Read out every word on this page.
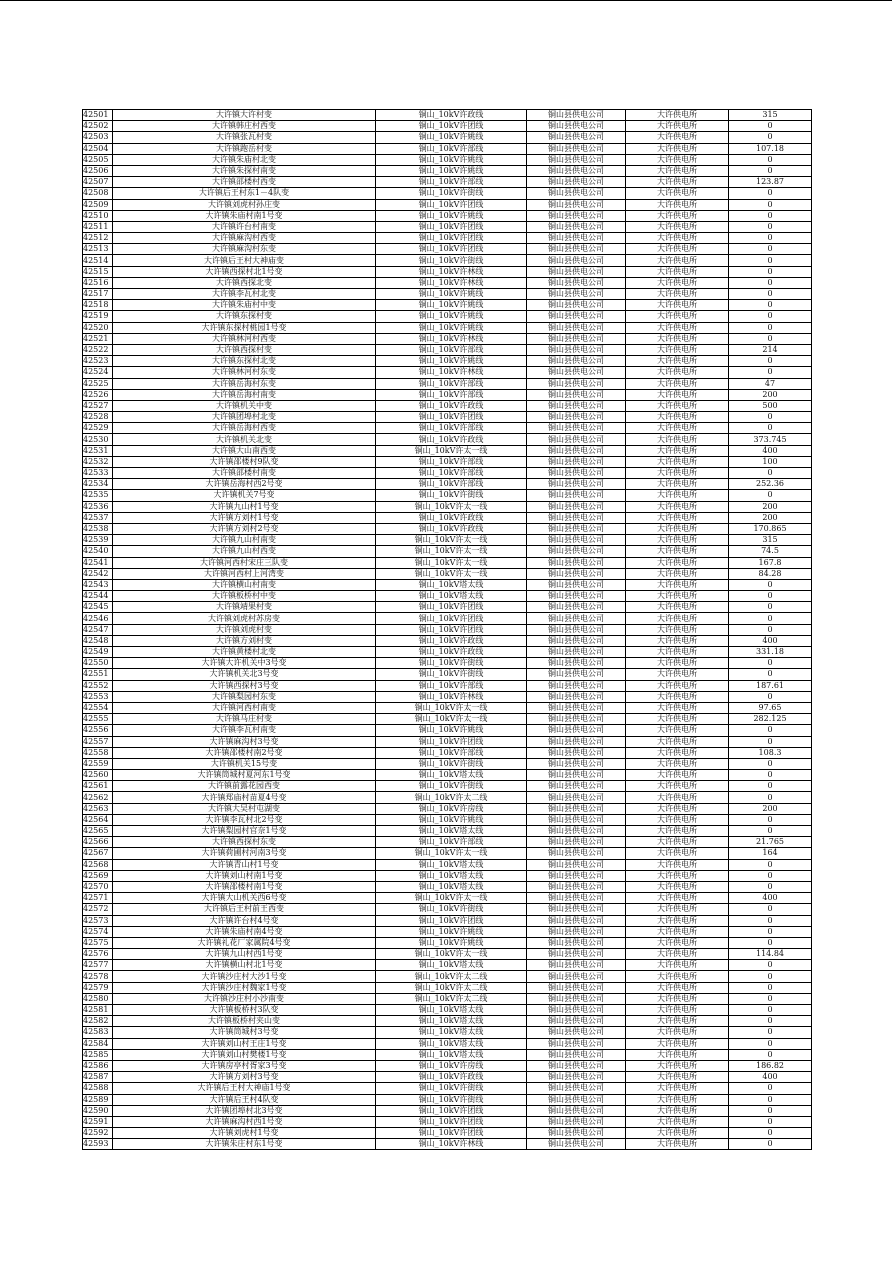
42501	大许镇大许村变	铜山_10kV许政线	铜山县供电公司	大许供电所	315
42502	大许镇韩庄村西变	铜山_10kV许团线	铜山县供电公司	大许供电所	0
42503	大许镇张瓦村变	铜山_10kV许姚线	铜山县供电公司	大许供电所	0
42504	大许镇跑岳村变	铜山_10kV许部线	铜山县供电公司	大许供电所	107.18
42505	大许镇朱庙村北变	铜山_10kV许姚线	铜山县供电公司	大许供电所	0
42506	大许镇朱探村南变	铜山_10kV许姚线	铜山县供电公司	大许供电所	0
42507	大许镇邵楼村西变	铜山_10kV许部线	铜山县供电公司	大许供电所	123.87
42508	大许镇后王村东1－4队变	铜山_10kV许街线	铜山县供电公司	大许供电所	0
42509	大许镇刘虎村孙庄变	铜山_10kV许团线	铜山县供电公司	大许供电所	0
42510	大许镇朱庙村南1号变	铜山_10kV许姚线	铜山县供电公司	大许供电所	0
42511	大许镇许台村南变	铜山_10kV许团线	铜山县供电公司	大许供电所	0
42512	大许镇麻沟村西变	铜山_10kV许团线	铜山县供电公司	大许供电所	0
42513	大许镇麻沟村东变	铜山_10kV许团线	铜山县供电公司	大许供电所	0
42514	大许镇后王村大神庙变	铜山_10kV许街线	铜山县供电公司	大许供电所	0
42515	大许镇西探村北1号变	铜山_10kV许林线	铜山县供电公司	大许供电所	0
42516	大许镇西探北变	铜山_10kV许林线	铜山县供电公司	大许供电所	0
42517	大许镇李瓦村北变	铜山_10kV许姚线	铜山县供电公司	大许供电所	0
42518	大许镇朱庙村中变	铜山_10kV许姚线	铜山县供电公司	大许供电所	0
42519	大许镇东探村变	铜山_10kV许姚线	铜山县供电公司	大许供电所	0
42520	大许镇东探村桃园1号变	铜山_10kV许姚线	铜山县供电公司	大许供电所	0
42521	大许镇林河村西变	铜山_10kV许林线	铜山县供电公司	大许供电所	0
42522	大许镇西探村变	铜山_10kV许部线	铜山县供电公司	大许供电所	214
42523	大许镇东探村北变	铜山_10kV许姚线	铜山县供电公司	大许供电所	0
42524	大许镇林河村东变	铜山_10kV许林线	铜山县供电公司	大许供电所	0
42525	大许镇岳海村东变	铜山_10kV许部线	铜山县供电公司	大许供电所	47
42526	大许镇岳海村南变	铜山_10kV许部线	铜山县供电公司	大许供电所	200
42527	大许镇机关中变	铜山_10kV许政线	铜山县供电公司	大许供电所	500
42528	大许镇团埠村北变	铜山_10kV许团线	铜山县供电公司	大许供电所	0
42529	大许镇岳海村西变	铜山_10kV许部线	铜山县供电公司	大许供电所	0
42530	大许镇机关北变	铜山_10kV许政线	铜山县供电公司	大许供电所	373.745
42531	大许镇大山南西变	铜山_10kV许太一线	铜山县供电公司	大许供电所	400
42532	大许镇邵楼村9队变	铜山_10kV许部线	铜山县供电公司	大许供电所	100
42533	大许镇邵楼村南变	铜山_10kV许部线	铜山县供电公司	大许供电所	0
42534	大许镇岳海村西2号变	铜山_10kV许部线	铜山县供电公司	大许供电所	252.36
42535	大许镇机关7号变	铜山_10kV许街线	铜山县供电公司	大许供电所	0
42536	大许镇九山村1号变	铜山_10kV许太一线	铜山县供电公司	大许供电所	200
42537	大许镇方刘村1号变	铜山_10kV许政线	铜山县供电公司	大许供电所	200
42538	大许镇方刘村2号变	铜山_10kV许政线	铜山县供电公司	大许供电所	170.865
42539	大许镇九山村南变	铜山_10kV许太一线	铜山县供电公司	大许供电所	315
42540	大许镇九山村西变	铜山_10kV许太一线	铜山县供电公司	大许供电所	74.5
42541	大许镇河西村宋庄三队变	铜山_10kV许太一线	铜山县供电公司	大许供电所	167.8
42542	大许镇河西村上河湾变	铜山_10kV许太一线	铜山县供电公司	大许供电所	84.28
42543	大许镇横山村南变	铜山_10kV塔太线	铜山县供电公司	大许供电所	0
42544	大许镇板桥村中变	铜山_10kV塔太线	铜山县供电公司	大许供电所	0
42545	大许镇靖果村变	铜山_10kV许团线	铜山县供电公司	大许供电所	0
42546	大许镇刘虎村苏房变	铜山_10kV许团线	铜山县供电公司	大许供电所	0
42547	大许镇刘虎村变	铜山_10kV许团线	铜山县供电公司	大许供电所	0
42548	大许镇方刘村变	铜山_10kV许政线	铜山县供电公司	大许供电所	400
42549	大许镇黄楼村北变	铜山_10kV许政线	铜山县供电公司	大许供电所	331.18
42550	大许镇大许机关中3号变	铜山_10kV许街线	铜山县供电公司	大许供电所	0
42551	大许镇机关北3号变	铜山_10kV许街线	铜山县供电公司	大许供电所	0
42552	大许镇西探村3号变	铜山_10kV许部线	铜山县供电公司	大许供电所	187.61
42553	大许镇梨园村东变	铜山_10kV许林线	铜山县供电公司	大许供电所	0
42554	大许镇河西村南变	铜山_10kV许太一线	铜山县供电公司	大许供电所	97.65
42555	大许镇马庄村变	铜山_10kV许太一线	铜山县供电公司	大许供电所	282.125
42556	大许镇李瓦村南变	铜山_10kV许姚线	铜山县供电公司	大许供电所	0
42557	大许镇麻沟村3号变	铜山_10kV许团线	铜山县供电公司	大许供电所	0
42558	大许镇邵楼村南2号变	铜山_10kV许部线	铜山县供电公司	大许供电所	108.3
42559	大许镇机关15号变	铜山_10kV许街线	铜山县供电公司	大许供电所	0
42560	大许镇筒城村夏河东1号变	铜山_10kV塔太线	铜山县供电公司	大许供电所	0
42561	大许镇前露花园西变	铜山_10kV许街线	铜山县供电公司	大许供电所	0
42562	大许镇郑庙村苗夏4号变	铜山_10kV许太二线	铜山县供电公司	大许供电所	0
42563	大许镇大吴村屯湖变	铜山_10kV许房线	铜山县供电公司	大许供电所	200
42564	大许镇李瓦村北2号变	铜山_10kV许姚线	铜山县供电公司	大许供电所	0
42565	大许镇梨园村官奈1号变	铜山_10kV塔太线	铜山县供电公司	大许供电所	0
42566	大许镇西探村东变	铜山_10kV许部线	铜山县供电公司	大许供电所	21.765
42567	大许镇荷圃村河南3号变	铜山_10kV许太一线	铜山县供电公司	大许供电所	164
42568	大许镇青山村1号变	铜山_10kV塔太线	铜山县供电公司	大许供电所	0
42569	大许镇刘山村南1号变	铜山_10kV塔太线	铜山县供电公司	大许供电所	0
42570	大许镇邵楼村南1号变	铜山_10kV塔太线	铜山县供电公司	大许供电所	0
42571	大许镇大山机关西6号变	铜山_10kV许太一线	铜山县供电公司	大许供电所	400
42572	大许镇后王村前王西变	铜山_10kV许街线	铜山县供电公司	大许供电所	0
42573	大许镇许台村4号变	铜山_10kV许团线	铜山县供电公司	大许供电所	0
42574	大许镇朱庙村南4号变	铜山_10kV许姚线	铜山县供电公司	大许供电所	0
42575	大许镇礼花厂家属院4号变	铜山_10kV许姚线	铜山县供电公司	大许供电所	0
42576	大许镇九山村西1号变	铜山_10kV许太一线	铜山县供电公司	大许供电所	114.84
42577	大许镇横山村北1号变	铜山_10kV塔太线	铜山县供电公司	大许供电所	0
42578	大许镇沙庄村大沙1号变	铜山_10kV许太二线	铜山县供电公司	大许供电所	0
42579	大许镇沙庄村魏家1号变	铜山_10kV许太二线	铜山县供电公司	大许供电所	0
42580	大许镇沙庄村小沙南变	铜山_10kV许太二线	铜山县供电公司	大许供电所	0
42581	大许镇板桥村3队变	铜山_10kV塔太线	铜山县供电公司	大许供电所	0
42582	大许镇板桥村夹山变	铜山_10kV塔太线	铜山县供电公司	大许供电所	0
42583	大许镇筒城村3号变	铜山_10kV塔太线	铜山县供电公司	大许供电所	0
42584	大许镇刘山村王庄1号变	铜山_10kV塔太线	铜山县供电公司	大许供电所	0
42585	大许镇刘山村樊楼1号变	铜山_10kV塔太线	铜山县供电公司	大许供电所	0
42586	大许镇房亭村胥家3号变	铜山_10kV许房线	铜山县供电公司	大许供电所	186.82
42587	大许镇方刘村3号变	铜山_10kV许政线	铜山县供电公司	大许供电所	400
42588	大许镇后王村大神庙1号变	铜山_10kV许街线	铜山县供电公司	大许供电所	0
42589	大许镇后王村4队变	铜山_10kV许街线	铜山县供电公司	大许供电所	0
42590	大许镇团埠村北3号变	铜山_10kV许团线	铜山县供电公司	大许供电所	0
42591	大许镇麻沟村西1号变	铜山_10kV许团线	铜山县供电公司	大许供电所	0
42592	大许镇刘虎村1号变	铜山_10kV许团线	铜山县供电公司	大许供电所	0
42593	大许镇朱庄村东1号变	铜山_10kV许林线	铜山县供电公司	大许供电所	0
